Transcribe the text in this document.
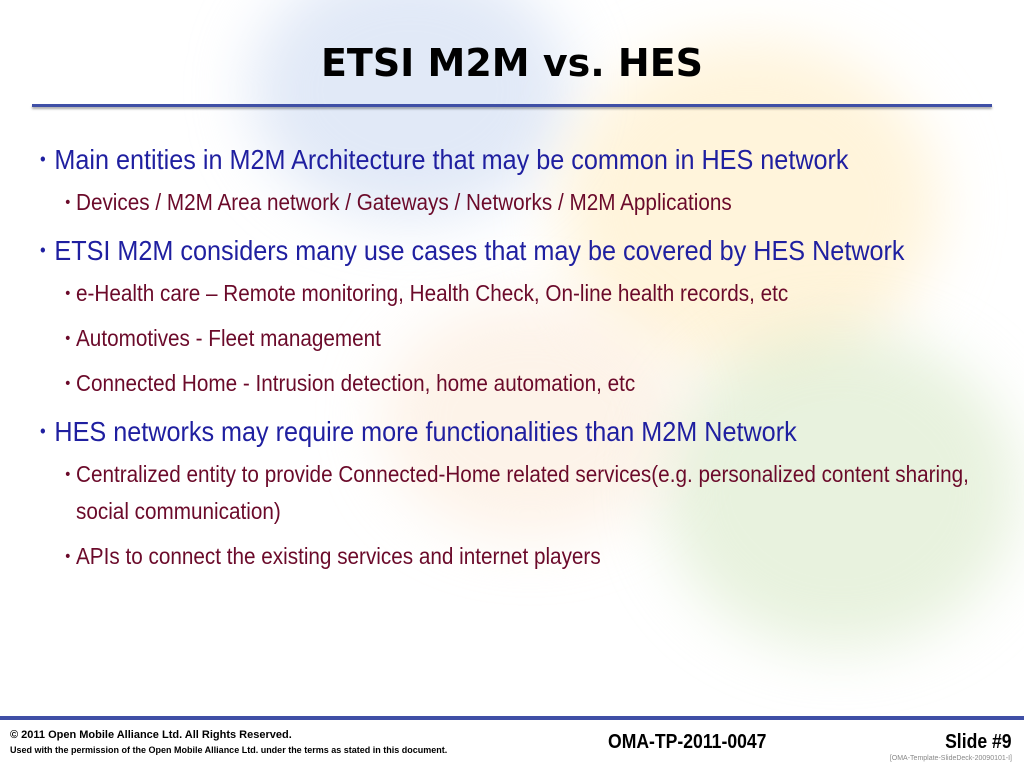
ETSI M2M vs. HES
• Main entities in M2M Architecture that may be common in HES network
• Devices / M2M Area network / Gateways / Networks / M2M Applications
• ETSI M2M considers many use cases that may be covered by HES Network
• e-Health care – Remote monitoring, Health Check, On-line health records, etc
• Automotives - Fleet management
• Connected Home - Intrusion detection, home automation, etc
• HES networks may require more functionalities than M2M Network
• Centralized entity to provide Connected-Home related services(e.g. personalized content sharing, social communication)
• APIs to connect the existing services and internet players
© 2011 Open Mobile Alliance Ltd. All Rights Reserved.
Used with the permission of the Open Mobile Alliance Ltd. under the terms as stated in this document.	OMA-TP-2011-0047	Slide #9
[OMA-Template-SlideDeck-20090101-I]
